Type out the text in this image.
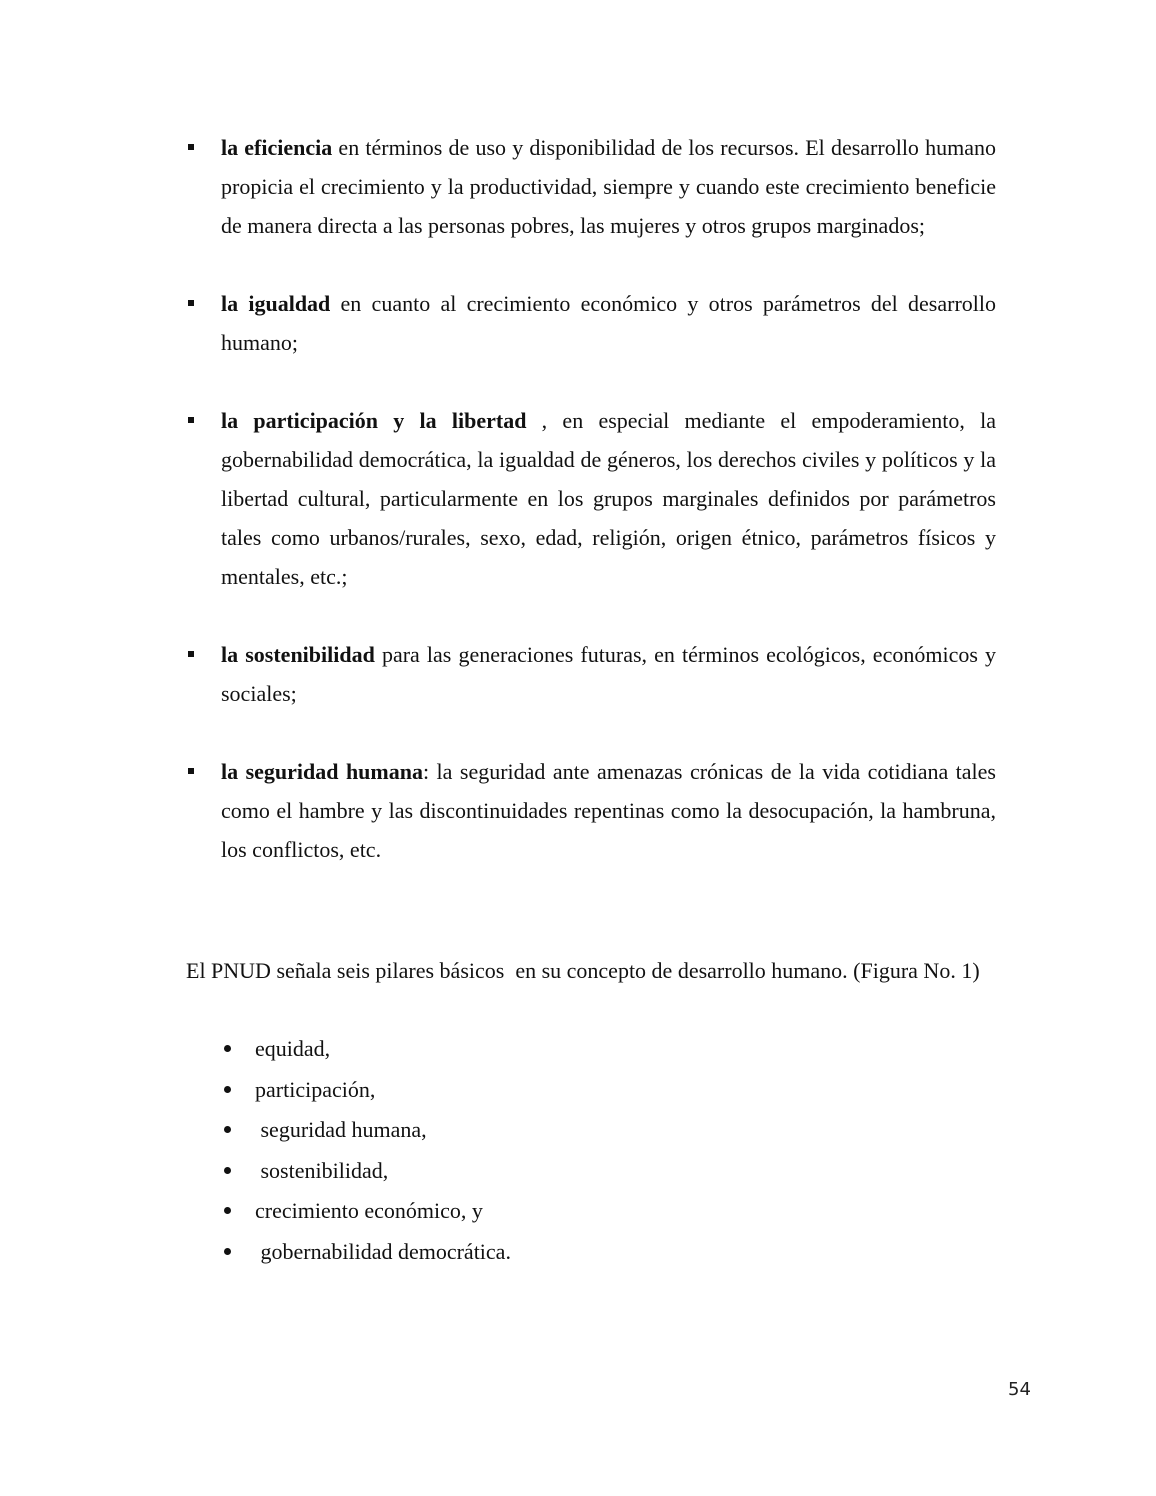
la eficiencia en términos de uso y disponibilidad de los recursos. El desarrollo humano propicia el crecimiento y la productividad, siempre y cuando este crecimiento beneficie de manera directa a las personas pobres, las mujeres y otros grupos marginados;
la igualdad en cuanto al crecimiento económico y otros parámetros del desarrollo humano;
la participación y la libertad , en especial mediante el empoderamiento, la gobernabilidad democrática, la igualdad de géneros, los derechos civiles y políticos y la libertad cultural, particularmente en los grupos marginales definidos por parámetros tales como urbanos/rurales, sexo, edad, religión, origen étnico, parámetros físicos y mentales, etc.;
la sostenibilidad para las generaciones futuras, en términos ecológicos, económicos y sociales;
la seguridad humana: la seguridad ante amenazas crónicas de la vida cotidiana tales como el hambre y las discontinuidades repentinas como la desocupación, la hambruna, los conflictos, etc.

El PNUD señala seis pilares básicos  en su concepto de desarrollo humano. (Figura No. 1)

equidad,

participación,

seguridad humana,

sostenibilidad,

crecimiento económico, y

gobernabilidad democrática.

54
